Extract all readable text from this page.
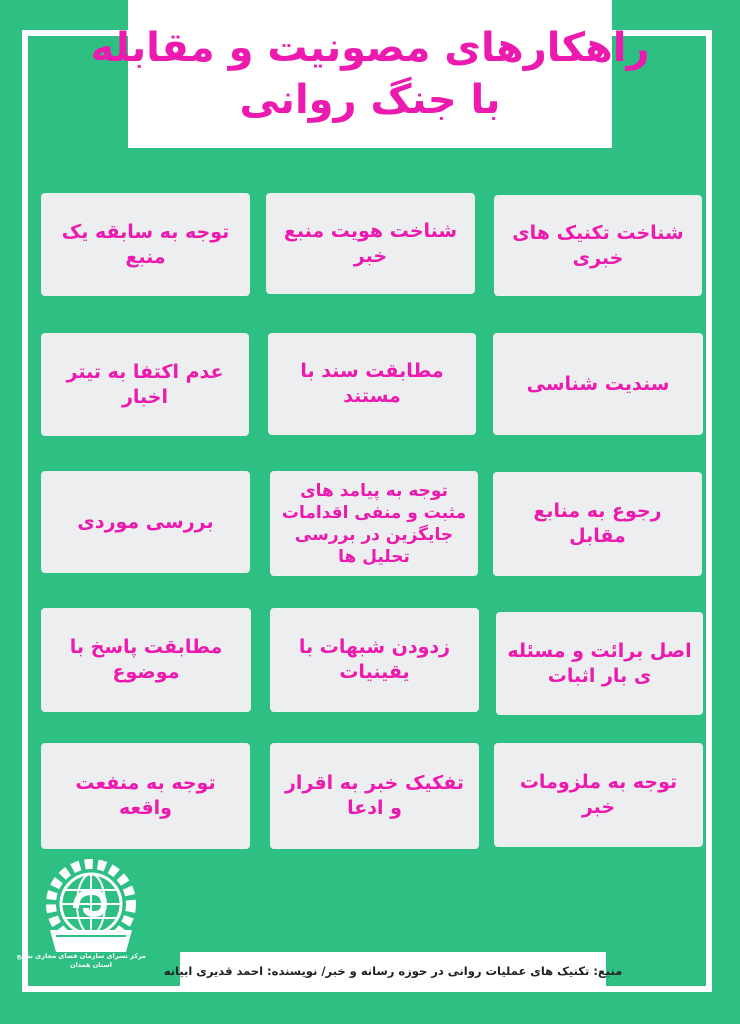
راهکارهای مصونیت و مقابله
با جنگ روانی
شناخت تکنیک های خبری
شناخت هویت منبع خبر
توجه به سابقه یک منبع
سندیت شناسی
مطابقت سند با مستند
عدم اکتفا به تیتر اخبار
رجوع به منابع مقابل
توجه به پیامد های مثبت و منفی اقدامات جایگزین در بررسی تحلیل ها
بررسی موردی
اصل برائت و مسئله ی بار اثبات
زدودن شبهات با یقینیات
مطابقت پاسخ با موضوع
توجه به ملزومات خبر
تفکیک خبر به اقرار و ادعا
توجه به منفعت واقعه
مرکز نسرای سازمان فضای مجازی بسیج
استان همدان	منبع: تکنیک های عملیات روانی در حوزه رسانه و خبر/ نویسنده: احمد قدیری ابیانه
